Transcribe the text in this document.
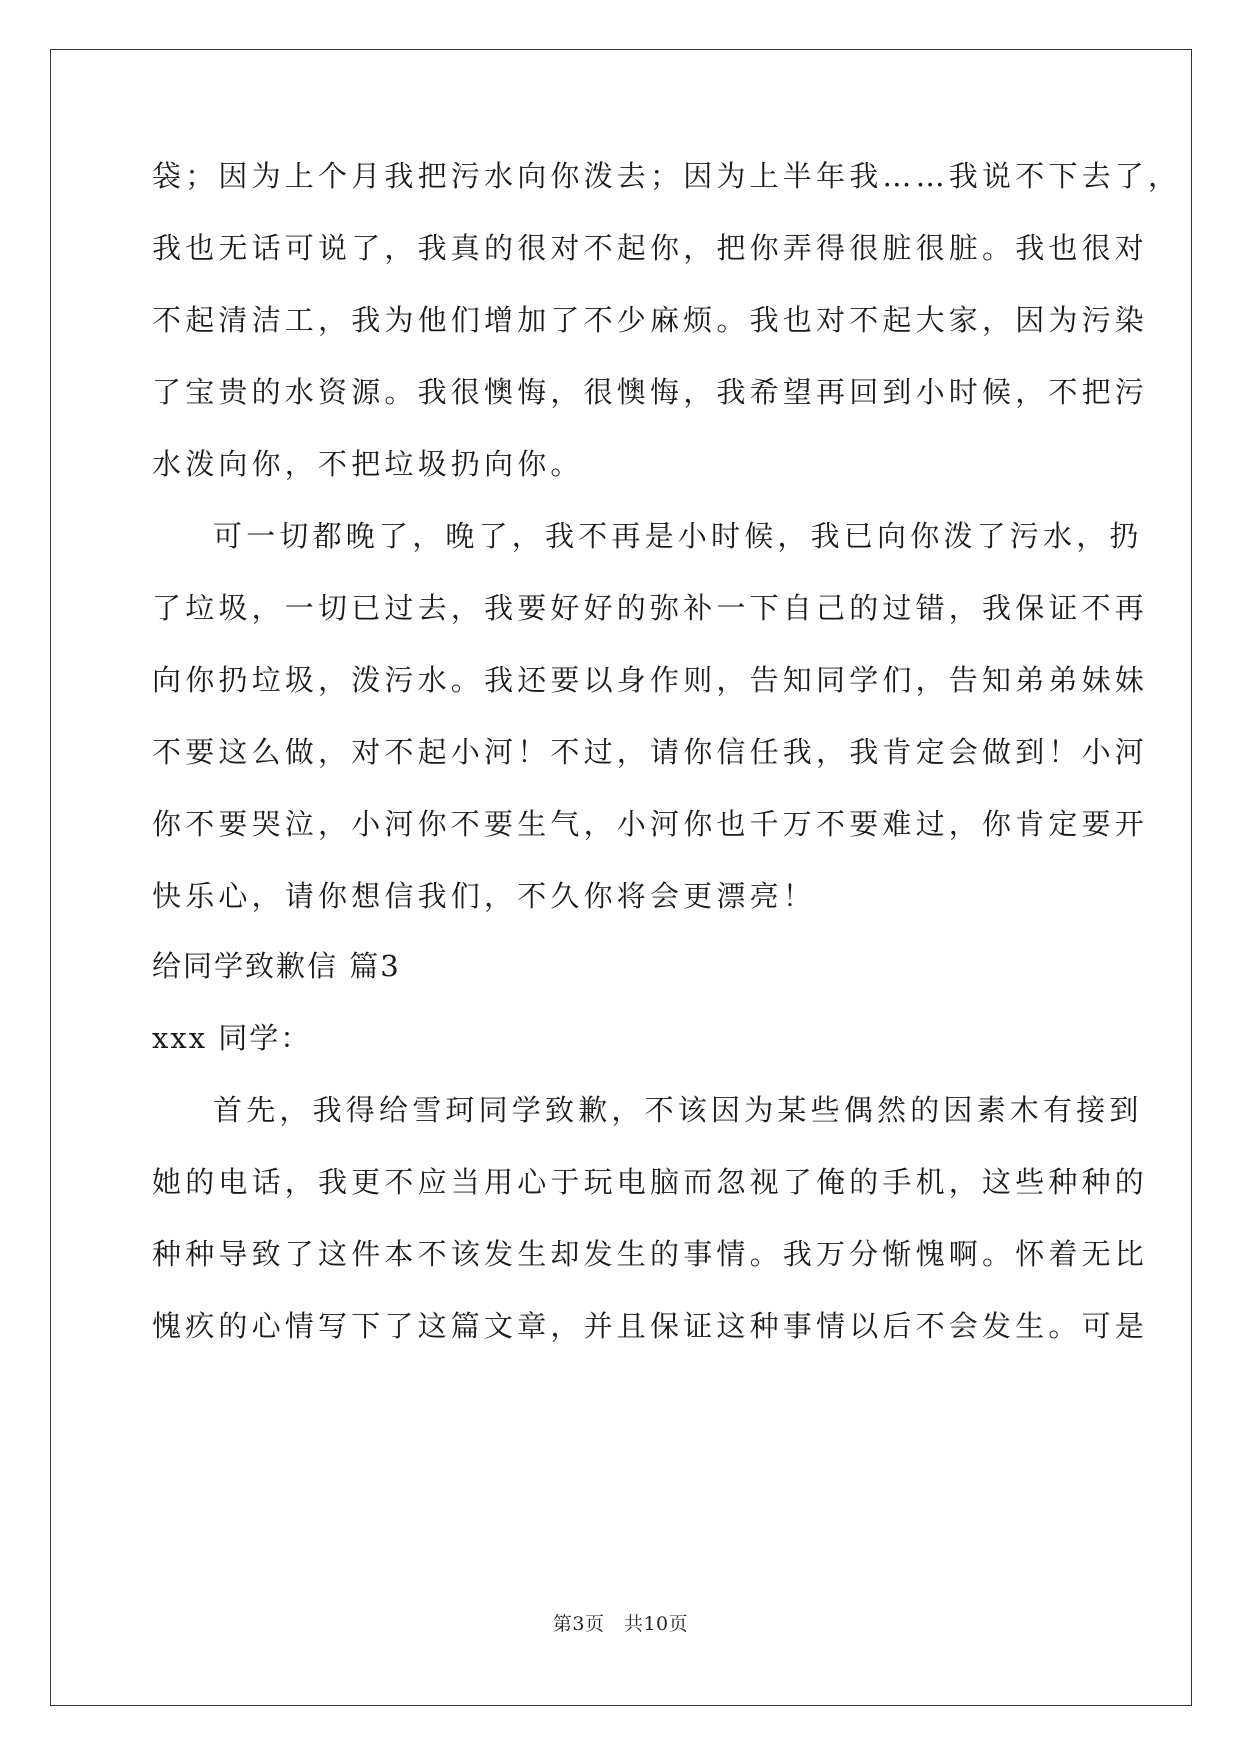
袋；因为上个月我把污水向你泼去；因为上半年我……我说不下去了，
我也无话可说了，我真的很对不起你，把你弄得很脏很脏。我也很对
不起清洁工，我为他们增加了不少麻烦。我也对不起大家，因为污染
了宝贵的水资源。我很懊悔，很懊悔，我希望再回到小时候，不把污
水泼向你，不把垃圾扔向你。
可一切都晚了，晚了，我不再是小时候，我已向你泼了污水，扔
了垃圾，一切已过去，我要好好的弥补一下自己的过错，我保证不再
向你扔垃圾，泼污水。我还要以身作则，告知同学们，告知弟弟妹妹
不要这么做，对不起小河！不过，请你信任我，我肯定会做到！小河
你不要哭泣，小河你不要生气，小河你也千万不要难过，你肯定要开
快乐心，请你想信我们，不久你将会更漂亮！
给同学致歉信 篇3
xxx 同学：
首先，我得给雪珂同学致歉，不该因为某些偶然的因素木有接到
她的电话，我更不应当用心于玩电脑而忽视了俺的手机，这些种种的
种种导致了这件本不该发生却发生的事情。我万分惭愧啊。怀着无比
愧疚的心情写下了这篇文章，并且保证这种事情以后不会发生。可是
第3页　共10页
